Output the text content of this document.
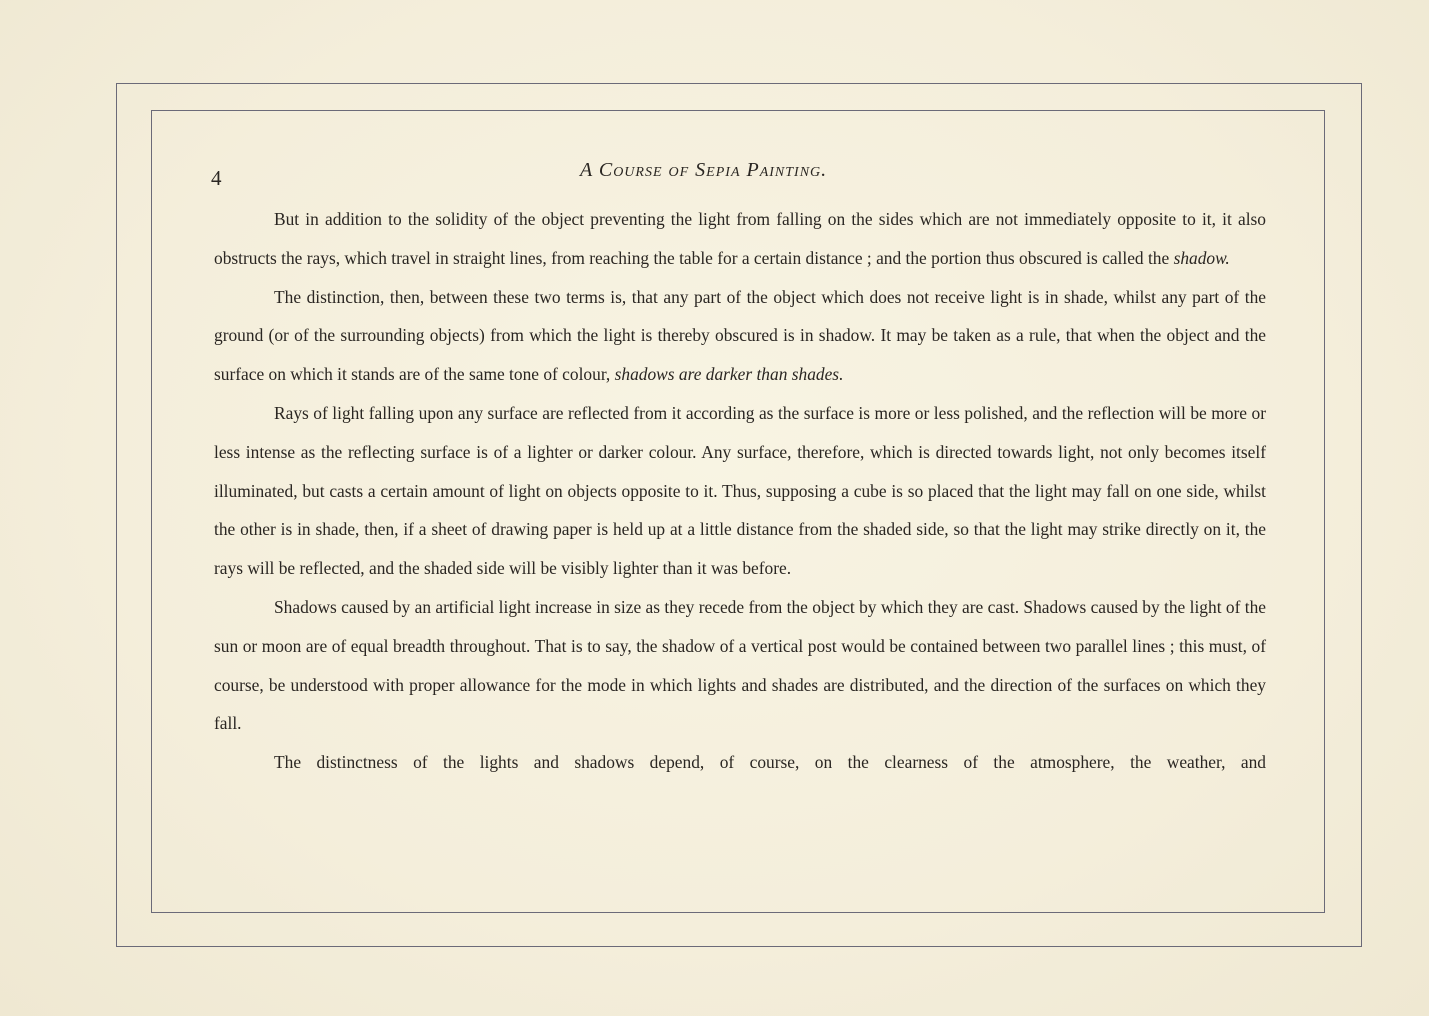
4	A Course of Sepia Painting.

But in addition to the solidity of the object preventing the light from falling on the sides which are not immediately opposite to it, it also obstructs the rays, which travel in straight lines, from reaching the table for a certain distance ; and the portion thus obscured is called the shadow.

The distinction, then, between these two terms is, that any part of the object which does not receive light is in shade, whilst any part of the ground (or of the surrounding objects) from which the light is thereby obscured is in shadow. It may be taken as a rule, that when the object and the surface on which it stands are of the same tone of colour, shadows are darker than shades.

Rays of light falling upon any surface are reflected from it according as the surface is more or less polished, and the reflection will be more or less intense as the reflecting surface is of a lighter or darker colour. Any surface, therefore, which is directed towards light, not only becomes itself illuminated, but casts a certain amount of light on objects opposite to it. Thus, supposing a cube is so placed that the light may fall on one side, whilst the other is in shade, then, if a sheet of drawing paper is held up at a little distance from the shaded side, so that the light may strike directly on it, the rays will be reflected, and the shaded side will be visibly lighter than it was before.

Shadows caused by an artificial light increase in size as they recede from the object by which they are cast. Shadows caused by the light of the sun or moon are of equal breadth throughout. That is to say, the shadow of a vertical post would be contained between two parallel lines ; this must, of course, be understood with proper allowance for the mode in which lights and shades are distributed, and the direction of the surfaces on which they fall.

The distinctness of the lights and shadows depend, of course, on the clearness of the atmosphere, the weather, and
